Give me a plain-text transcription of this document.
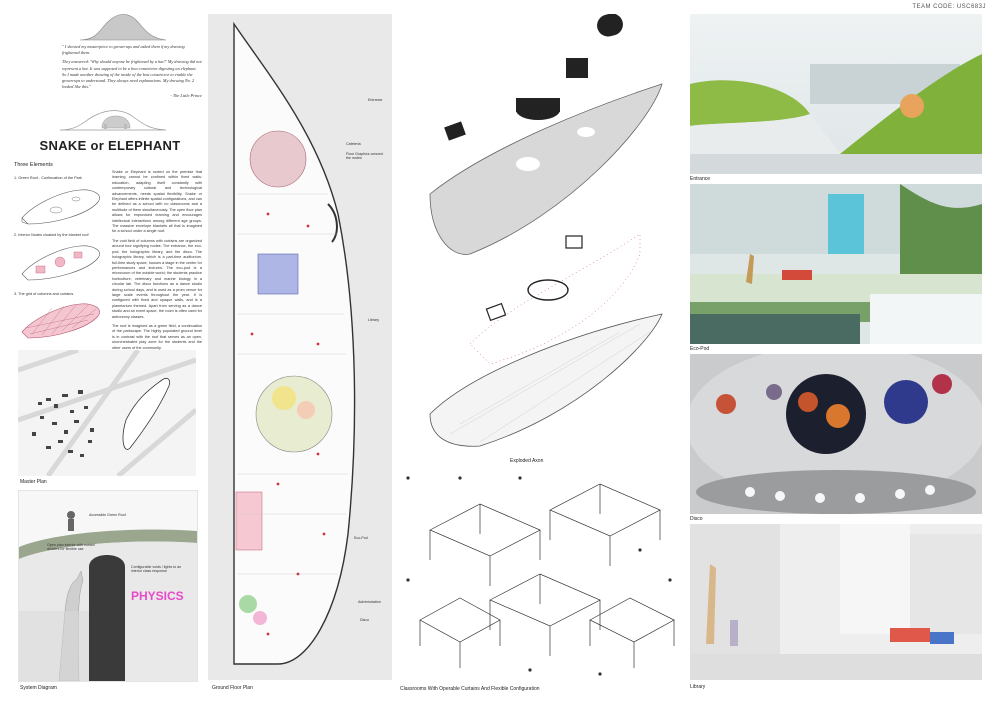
TEAM CODE: USC683J

" I showed my masterpiece to grown-ups and asked them if my drawing frightened them.

They answered: 'Why should anyone be frightened by a hat?' My drawing did not represent a hat. It was supposed to be a boa constrictor digesting an elephant. So I made another drawing of the inside of the boa constrictor to enable the grown-ups to understand. They always need explanations. My drawing No. 2 looked like this."

- The Little Prince
SNAKE or ELEPHANT
Three Elements
1. Green Roof - Continuation of the Park
2. Interior Nodes cloaked by the blanket roof
3. The grid of columns and curtains

Snake or Elephant is rooted on the premise that learning cannot be confined within fixed walls: education, adapting itself constantly with contemporary cultural and technological advancements, needs spatial flexibility. Snake or Elephant offers infinite spatial configurations, and can be defined as a school with no classrooms and a multitude of them simultaneously. The open floor plan allows for improvised learning and encourages intellectual interactions among different age groups. The massive envelope blankets all that is imagined for a school under a single roof.

The void field of columns with curtains are organized around four signifying nodes: The entrance, the eco-pod, the holographic library, and the disco. The holographic library, which is a part-time auditorium, full-time study space, houses a stage in the center for performances and lectures. The eco-pod is a microcosm of the outside world; the students practice horticulture, veterinary and marine biology in a circular lab. The disco functions as a dance studio during school days, and is used as a prom venue for large scale events throughout the year. It is configured with fixed and opaque walls, and is a planetarium themed. Apart from serving as a dance studio and an event space, the room is often used for astronomy classes.

The roof is imagined as a green field, a continuation of the parkscape. The highly populated ground level is in contrast with the roof that serves as an open, unorchestrated play zone for the students and the other users of the community.

Master Plan
Accessible Green Roof
Open plan interior with curtain dividers for flexible use
Configurable voids / lights to an interior class response
PHYSICS
System Diagram
Entrance
Cafeteria
Floor Graphics connect the nodes
Library
Eco-Pod
Administration
Disco
Ground Floor Plan
Exploded Axon
Classrooms With Operable Curtains And Flexible Configuration
Entrance
Eco-Pod
Disco
Library
